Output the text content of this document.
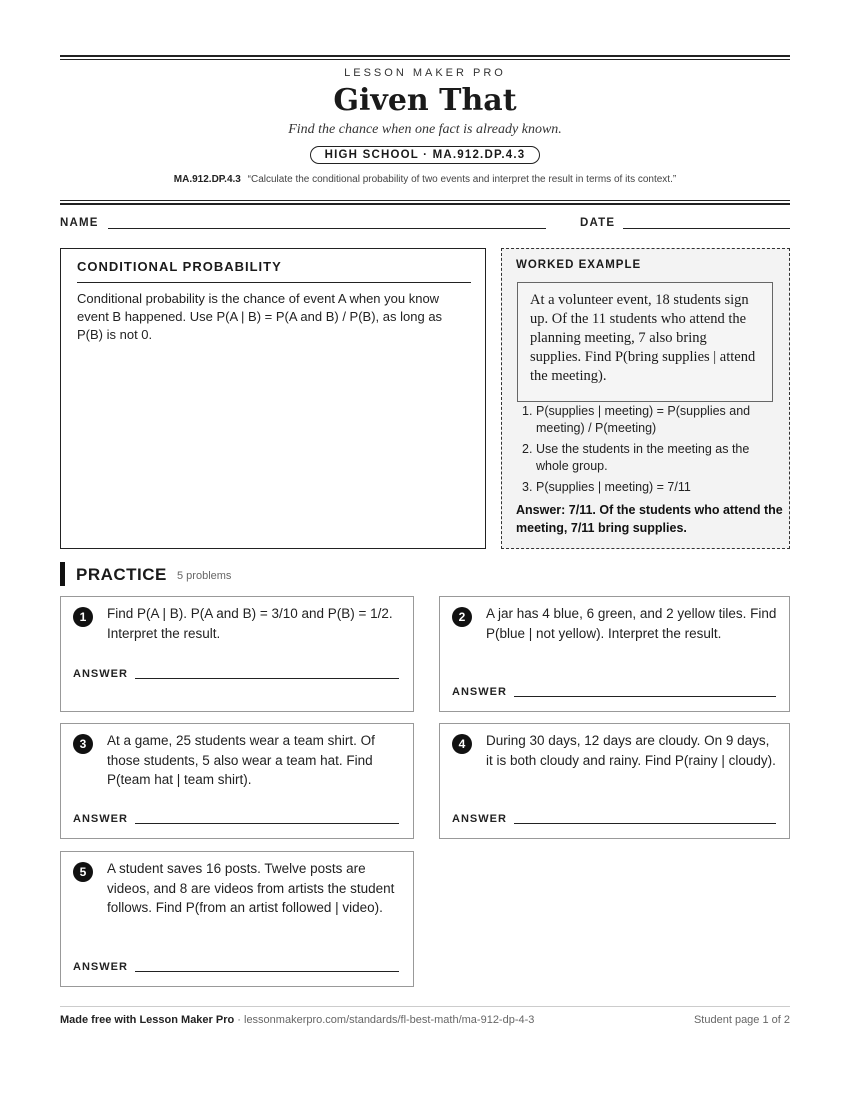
LESSON MAKER PRO
Given That
Find the chance when one fact is already known.
HIGH SCHOOL · MA.912.DP.4.3
MA.912.DP.4.3 “Calculate the conditional probability of two events and interpret the result in terms of its context.”
NAME	DATE
CONDITIONAL PROBABILITY
Conditional probability is the chance of event A when you know event B happened. Use P(A | B) = P(A and B) / P(B), as long as P(B) is not 0.
WORKED EXAMPLE
At a volunteer event, 18 students sign up. Of the 11 students who attend the planning meeting, 7 also bring supplies. Find P(bring supplies | attend the meeting).
1. P(supplies | meeting) = P(supplies and meeting) / P(meeting)
2. Use the students in the meeting as the whole group.
3. P(supplies | meeting) = 7/11
Answer: 7/11. Of the students who attend the meeting, 7/11 bring supplies.
PRACTICE 5 problems
1	Find P(A | B). P(A and B) = 3/10 and P(B) = 1/2. Interpret the result.
ANSWER
2	A jar has 4 blue, 6 green, and 2 yellow tiles. Find P(blue | not yellow). Interpret the result.
ANSWER
3	At a game, 25 students wear a team shirt. Of those students, 5 also wear a team hat. Find P(team hat | team shirt).
ANSWER
4	During 30 days, 12 days are cloudy. On 9 days, it is both cloudy and rainy. Find P(rainy | cloudy).
ANSWER
5	A student saves 16 posts. Twelve posts are videos, and 8 are videos from artists the student follows. Find P(from an artist followed | video).
ANSWER
Made free with Lesson Maker Pro · lessonmakerpro.com/standards/fl-best-math/ma-912-dp-4-3	Student page 1 of 2
